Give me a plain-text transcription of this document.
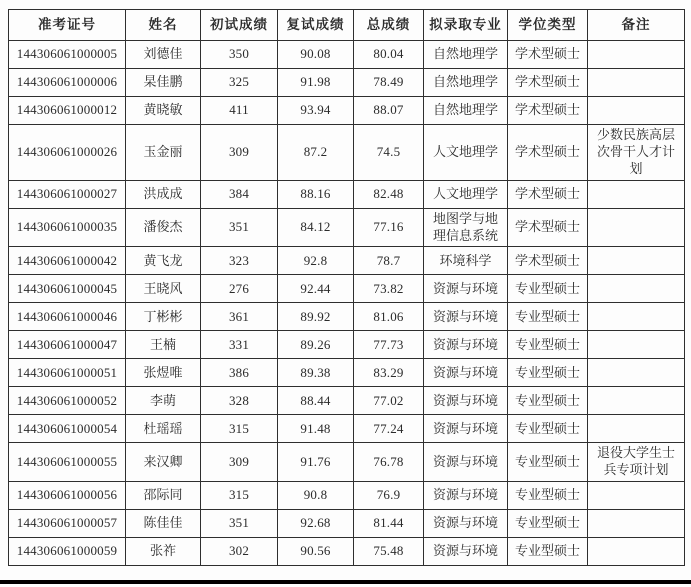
准考证号	姓名	初试成绩	复试成绩	总成绩	拟录取专业	学位类型	备注
144306061000005	刘德佳	350	90.08	80.04	自然地理学	学术型硕士	
144306061000006	杲佳鹏	325	91.98	78.49	自然地理学	学术型硕士	
144306061000012	黄晓敏	411	93.94	88.07	自然地理学	学术型硕士	
144306061000026	玉金丽	309	87.2	74.5	人文地理学	学术型硕士	少数民族高层次骨干人才计划
144306061000027	洪成成	384	88.16	82.48	人文地理学	学术型硕士	
144306061000035	潘俊杰	351	84.12	77.16	地图学与地理信息系统	学术型硕士	
144306061000042	黄飞龙	323	92.8	78.7	环境科学	学术型硕士	
144306061000045	王晓风	276	92.44	73.82	资源与环境	专业型硕士	
144306061000046	丁彬彬	361	89.92	81.06	资源与环境	专业型硕士	
144306061000047	王楠	331	89.26	77.73	资源与环境	专业型硕士	
144306061000051	张煜唯	386	89.38	83.29	资源与环境	专业型硕士	
144306061000052	李萌	328	88.44	77.02	资源与环境	专业型硕士	
144306061000054	杜瑶瑶	315	91.48	77.24	资源与环境	专业型硕士	
144306061000055	来汉卿	309	91.76	76.78	资源与环境	专业型硕士	退役大学生士兵专项计划
144306061000056	邵际同	315	90.8	76.9	资源与环境	专业型硕士	
144306061000057	陈佳佳	351	92.68	81.44	资源与环境	专业型硕士	
144306061000059	张祚	302	90.56	75.48	资源与环境	专业型硕士	
